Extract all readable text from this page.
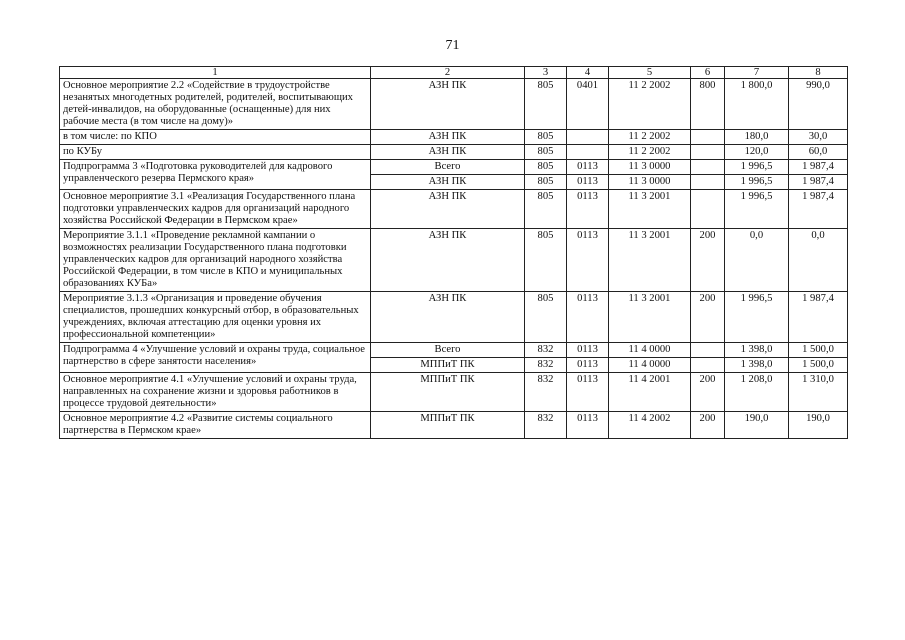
71
1	2	3	4	5	6	7	8
Основное мероприятие 2.2 «Содействие в трудоустройстве незанятых многодетных родителей, родителей, воспитывающих детей-инвалидов, на оборудованные (оснащенные) для них рабочие места (в том числе на дому)»	АЗН ПК	805	0401	11 2 2002	800	1 800,0	990,0
в том числе: по КПО	АЗН ПК	805		11 2 2002		180,0	30,0
по КУБу	АЗН ПК	805		11 2 2002		120,0	60,0
Подпрограмма 3 «Подготовка руководителей для кадрового управленческого резерва Пермского края»	Всего	805	0113	11 3 0000		1 996,5	1 987,4
	АЗН ПК	805	0113	11 3 0000		1 996,5	1 987,4
Основное мероприятие 3.1 «Реализация Государственного плана подготовки управленческих кадров для организаций народного хозяйства Российской Федерации в Пермском крае»	АЗН ПК	805	0113	11 3 2001		1 996,5	1 987,4
Мероприятие 3.1.1 «Проведение рекламной кампании о возможностях реализации Государственного плана подготовки управленческих кадров для организаций народного хозяйства Российской Федерации, в том числе в КПО и муниципальных образованиях КУБа»	АЗН ПК	805	0113	11 3 2001	200	0,0	0,0
Мероприятие 3.1.3 «Организация и проведение обучения специалистов, прошедших конкурсный отбор, в образовательных учреждениях, включая аттестацию для оценки уровня их профессиональной компетенции»	АЗН ПК	805	0113	11 3 2001	200	1 996,5	1 987,4
Подпрограмма 4 «Улучшение условий и охраны труда, социальное партнерство в сфере занятости населения»	Всего	832	0113	11 4 0000		1 398,0	1 500,0
	МППиТ ПК	832	0113	11 4 0000		1 398,0	1 500,0
Основное мероприятие 4.1 «Улучшение условий и охраны труда, направленных на сохранение жизни и здоровья работников в процессе трудовой деятельности»	МППиТ ПК	832	0113	11 4 2001	200	1 208,0	1 310,0
Основное мероприятие 4.2 «Развитие системы социального партнерства в Пермском крае»	МППиТ ПК	832	0113	11 4 2002	200	190,0	190,0
